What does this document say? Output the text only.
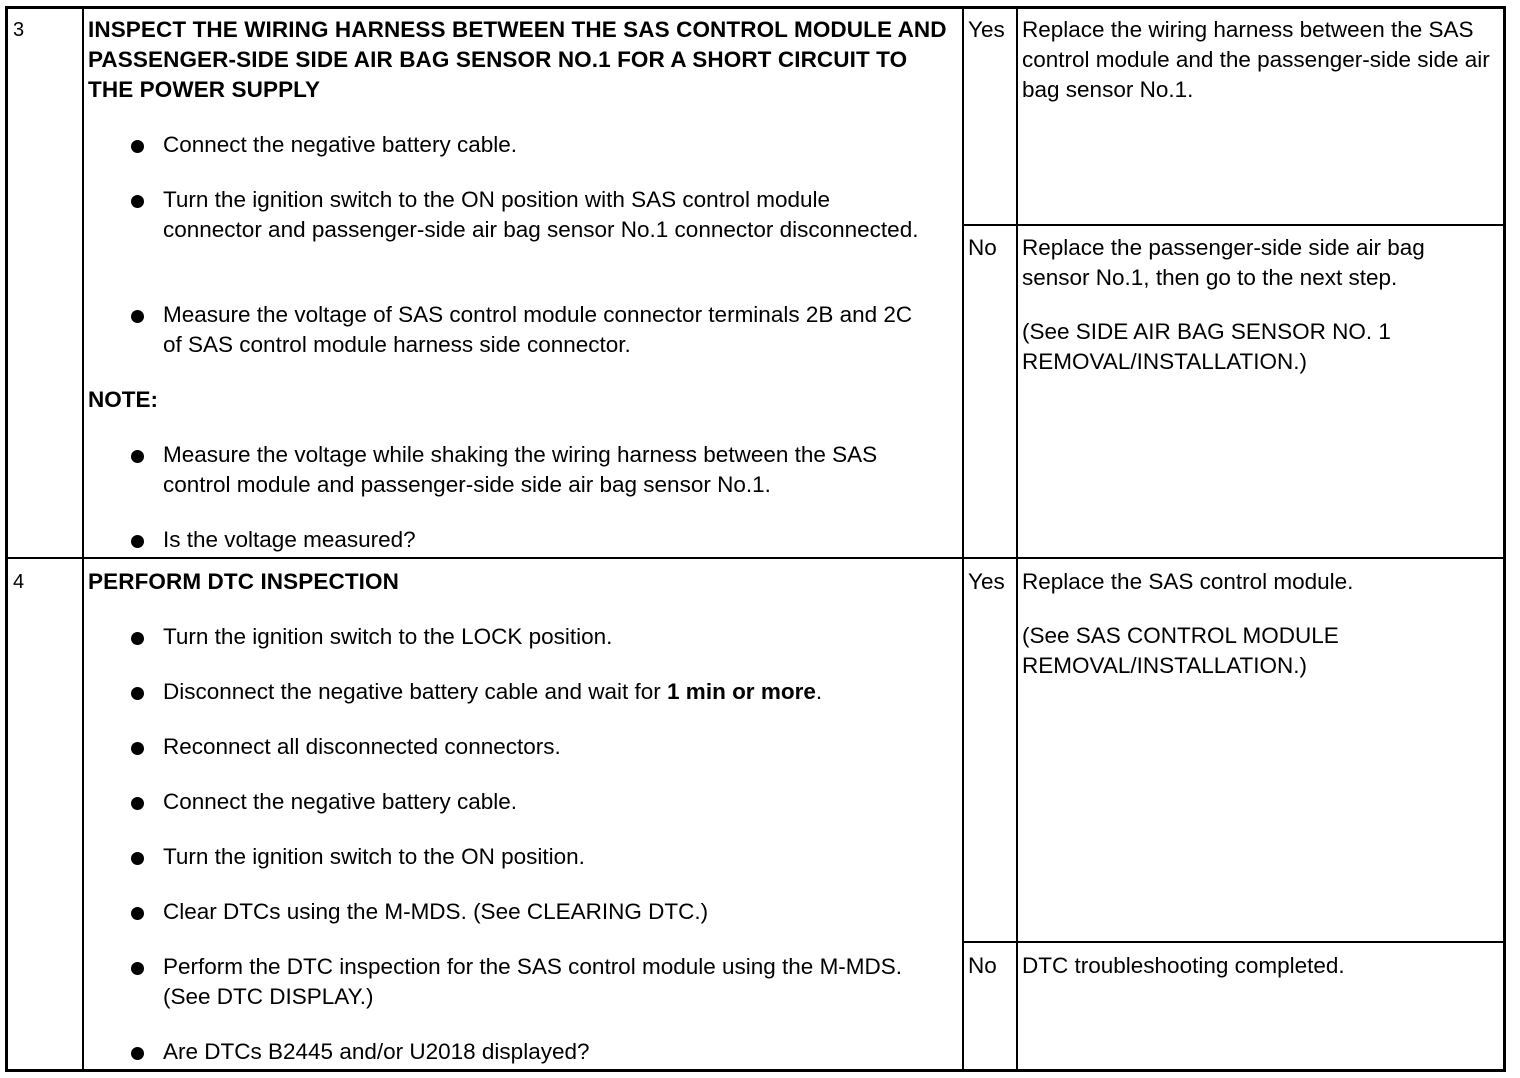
3	INSPECT THE WIRING HARNESS BETWEEN THE SAS CONTROL MODULE AND PASSENGER-SIDE SIDE AIR BAG SENSOR NO.1 FOR A SHORT CIRCUIT TO THE POWER SUPPLY
Connect the negative battery cable.
Turn the ignition switch to the ON position with SAS control module connector and passenger-side air bag sensor No.1 connector disconnected.
Measure the voltage of SAS control module connector terminals 2B and 2C of SAS control module harness side connector.
NOTE:
Measure the voltage while shaking the wiring harness between the SAS control module and passenger-side side air bag sensor No.1.
Is the voltage measured?
Yes Replace the wiring harness between the SAS control module and the passenger-side side air bag sensor No.1.

No Replace the passenger-side side air bag sensor No.1, then go to the next step.

(See SIDE AIR BAG SENSOR NO. 1 REMOVAL/INSTALLATION.)

4	PERFORM DTC INSPECTION
Turn the ignition switch to the LOCK position.
Disconnect the negative battery cable and wait for 1 min or more.
Reconnect all disconnected connectors.
Connect the negative battery cable.
Turn the ignition switch to the ON position.
Clear DTCs using the M-MDS. (See CLEARING DTC.)
Perform the DTC inspection for the SAS control module using the M-MDS. (See DTC DISPLAY.)
Are DTCs B2445 and/or U2018 displayed?
Yes Replace the SAS control module.

(See SAS CONTROL MODULE REMOVAL/INSTALLATION.)

No DTC troubleshooting completed.
